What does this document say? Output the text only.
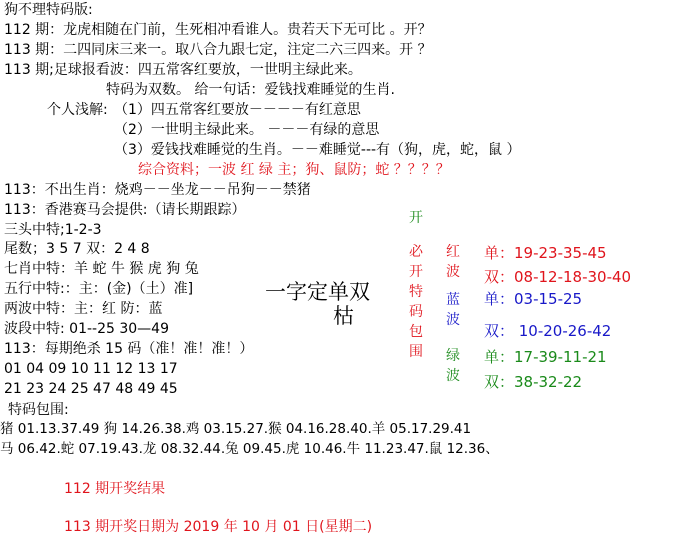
狗不理特码版:
112 期：龙虎相随在门前，生死相冲看谁人。贵若天下无可比 。开？
113 期：二四同床三来一。取八合九跟七定，注定二六三四来。开 ？
113 期;足球报看波：四五常客红要放，一世明主绿此来。
特码为双数。 给一句话：爱钱找难睡觉的生肖.
个人浅解: （1）四五常客红要放－－－－有红意思
（2）一世明主绿此来。 －－－有绿的意思
（3）爱钱找难睡觉的生肖。－－难睡觉---有（狗，虎，蛇，鼠 ）
综合资料；一波 红 绿 主；狗、鼠防；蛇 ？？？？
113：不出生肖：烧鸡－－坐龙－－吊狗－－禁猪
113：香港赛马会提供:（请长期跟踪）
三头中特;1-2-3
尾数；3 5 7 双：2 4 8
七肖中特：羊 蛇 牛 猴 虎 狗 兔
五行中特:：主：(金)（土）准]
两波中特：主：红 防：蓝
波段中特: 01--25 30—49
113：每期绝杀 15 码（准！准！准！）
01 04 09 10 11 12 13 17
21 23 24 25 47 48 49 45
一字定单双
枯
开
必开特码包围
红波
蓝波
绿波
单：19-23-35-45
双：08-12-18-30-40
单：03-15-25
双： 10-20-26-42
单：17-39-11-21
双：38-32-22
特码包围:
猪 01.13.37.49 狗 14.26.38.鸡 03.15.27.猴 04.16.28.40.羊 05.17.29.41
马 06.42.蛇 07.19.43.龙 08.32.44.兔 09.45.虎 10.46.牛 11.23.47.鼠 12.36、
112 期开奖结果
113 期开奖日期为 2019 年 10 月 01 日(星期二)
